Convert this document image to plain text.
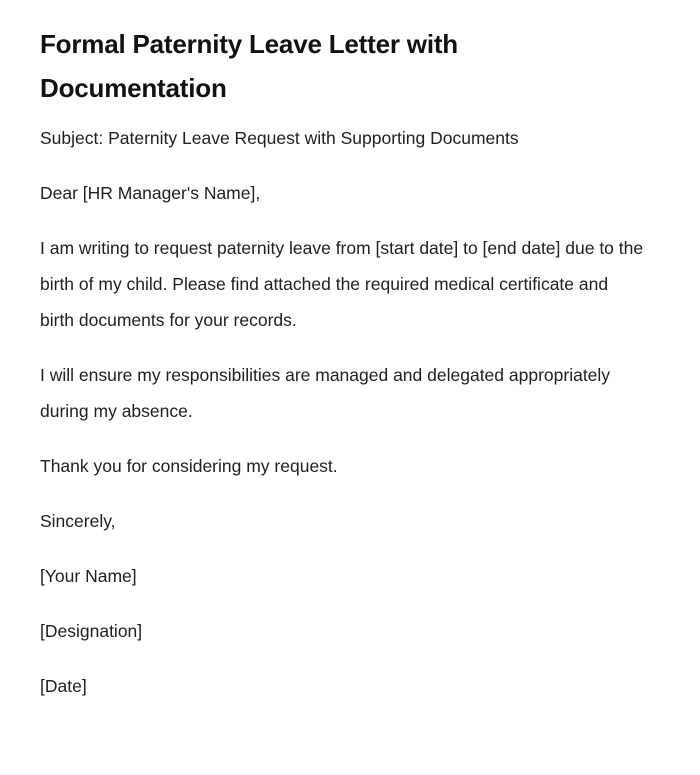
Formal Paternity Leave Letter with Documentation

Subject: Paternity Leave Request with Supporting Documents

Dear [HR Manager's Name],

I am writing to request paternity leave from [start date] to [end date] due to the birth of my child. Please find attached the required medical certificate and birth documents for your records.

I will ensure my responsibilities are managed and delegated appropriately during my absence.

Thank you for considering my request.

Sincerely,

[Your Name]

[Designation]

[Date]
